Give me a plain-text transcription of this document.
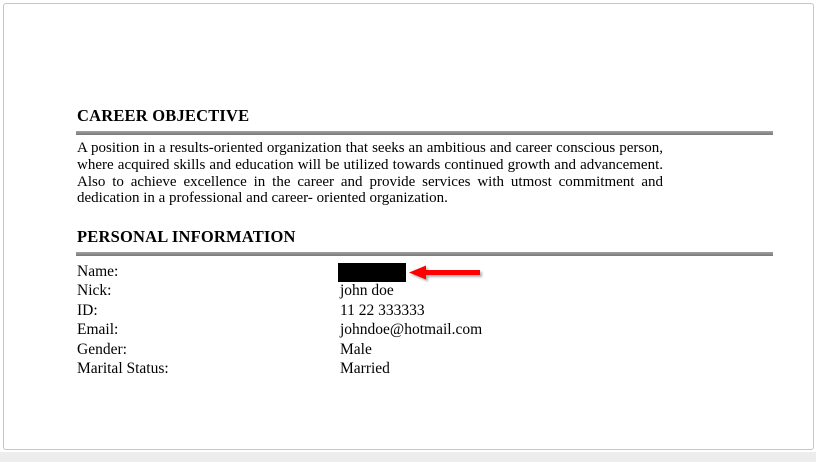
CAREER OBJECTIVE

A position in a results-oriented organization that seeks an ambitious and career conscious person, where acquired skills and education will be utilized towards continued growth and advancement. Also to achieve excellence in the career and provide services with utmost commitment and dedication in a professional and career- oriented organization.

PERSONAL INFORMATION
Name:
Nick:	john doe
ID:	11 22 333333
Email:	johndoe@hotmail.com
Gender:	Male
Marital Status:	Married
